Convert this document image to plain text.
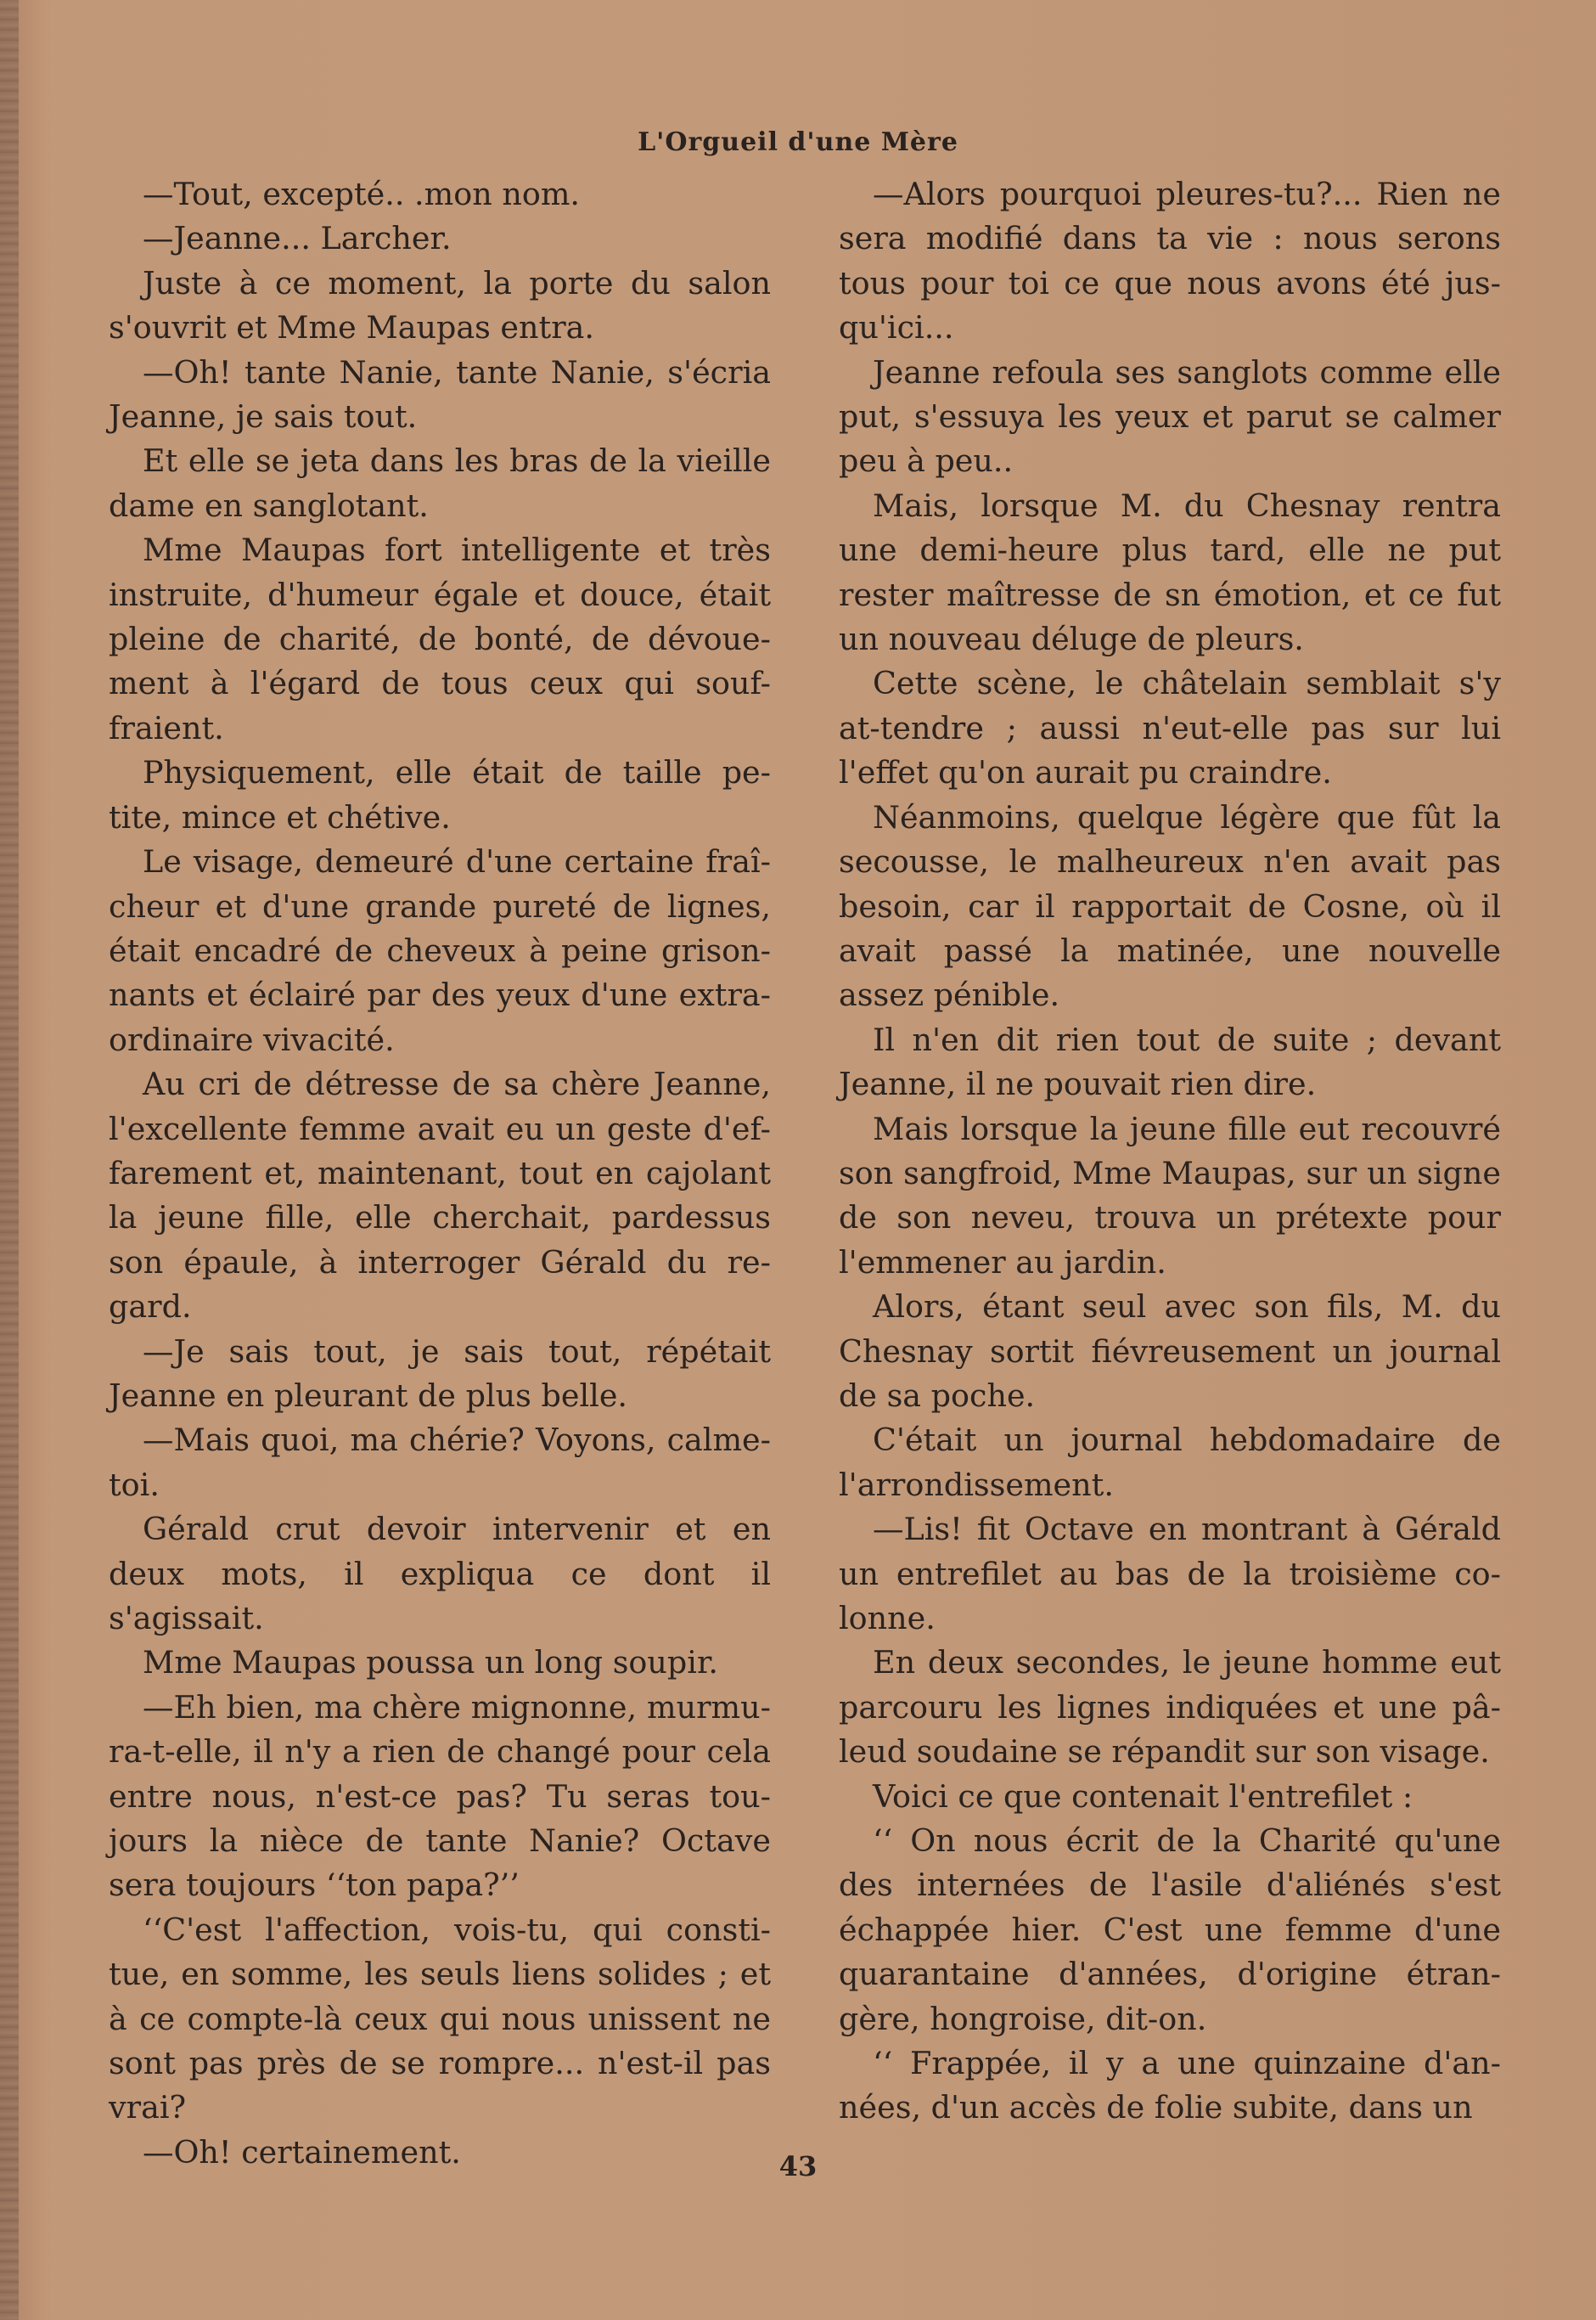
L'Orgueil d'une Mère

—Tout, excepté.. .mon nom.

—Jeanne... Larcher.

Juste à ce moment, la porte du salon s'ouvrit et Mme Maupas entra.

—Oh! tante Nanie, tante Nanie, s'écria Jeanne, je sais tout.

Et elle se jeta dans les bras de la vieille dame en sanglotant.

Mme Maupas fort intelligente et très instruite, d'humeur égale et douce, était pleine de charité, de bonté, de dévoue-ment à l'égard de tous ceux qui souf-fraient.

Physiquement, elle était de taille pe-tite, mince et chétive.

Le visage, demeuré d'une certaine fraî-cheur et d'une grande pureté de lignes, était encadré de cheveux à peine grison-nants et éclairé par des yeux d'une extra-ordinaire vivacité.

Au cri de détresse de sa chère Jeanne, l'excellente femme avait eu un geste d'ef-farement et, maintenant, tout en cajolant la jeune fille, elle cherchait, pardessus son épaule, à interroger Gérald du re-gard.

—Je sais tout, je sais tout, répétait Jeanne en pleurant de plus belle.

—Mais quoi, ma chérie? Voyons, calme-toi.

Gérald crut devoir intervenir et en deux mots, il expliqua ce dont il s'agissait.

Mme Maupas poussa un long soupir.

—Eh bien, ma chère mignonne, murmu-ra-t-elle, il n'y a rien de changé pour cela entre nous, n'est-ce pas? Tu seras tou-jours la nièce de tante Nanie? Octave sera toujours ‘‘ton papa?’’

‘‘C'est l'affection, vois-tu, qui consti-tue, en somme, les seuls liens solides ; et à ce compte-là ceux qui nous unissent ne sont pas près de se rompre... n'est-il pas vrai?

—Oh! certainement.

—Alors pourquoi pleures-tu?... Rien ne sera modifié dans ta vie : nous serons tous pour toi ce que nous avons été jus-qu'ici...

Jeanne refoula ses sanglots comme elle put, s'essuya les yeux et parut se calmer peu à peu..

Mais, lorsque M. du Chesnay rentra une demi-heure plus tard, elle ne put rester maîtresse de sn émotion, et ce fut un nouveau déluge de pleurs.

Cette scène, le châtelain semblait s'y at-tendre ; aussi n'eut-elle pas sur lui l'effet qu'on aurait pu craindre.

Néanmoins, quelque légère que fût la secousse, le malheureux n'en avait pas besoin, car il rapportait de Cosne, où il avait passé la matinée, une nouvelle assez pénible.

Il n'en dit rien tout de suite ; devant Jeanne, il ne pouvait rien dire.

Mais lorsque la jeune fille eut recouvré son sangfroid, Mme Maupas, sur un signe de son neveu, trouva un prétexte pour l'emmener au jardin.

Alors, étant seul avec son fils, M. du Chesnay sortit fiévreusement un journal de sa poche.

C'était un journal hebdomadaire de l'arrondissement.

—Lis! fit Octave en montrant à Gérald un entrefilet au bas de la troisième co-lonne.

En deux secondes, le jeune homme eut parcouru les lignes indiquées et une pâ-leud soudaine se répandit sur son visage.

Voici ce que contenait l'entrefilet :

‘‘ On nous écrit de la Charité qu'une des internées de l'asile d'aliénés s'est échappée hier. C'est une femme d'une quarantaine d'années, d'origine étran-gère, hongroise, dit-on.

‘‘ Frappée, il y a une quinzaine d'an-nées, d'un accès de folie subite, dans un

43
